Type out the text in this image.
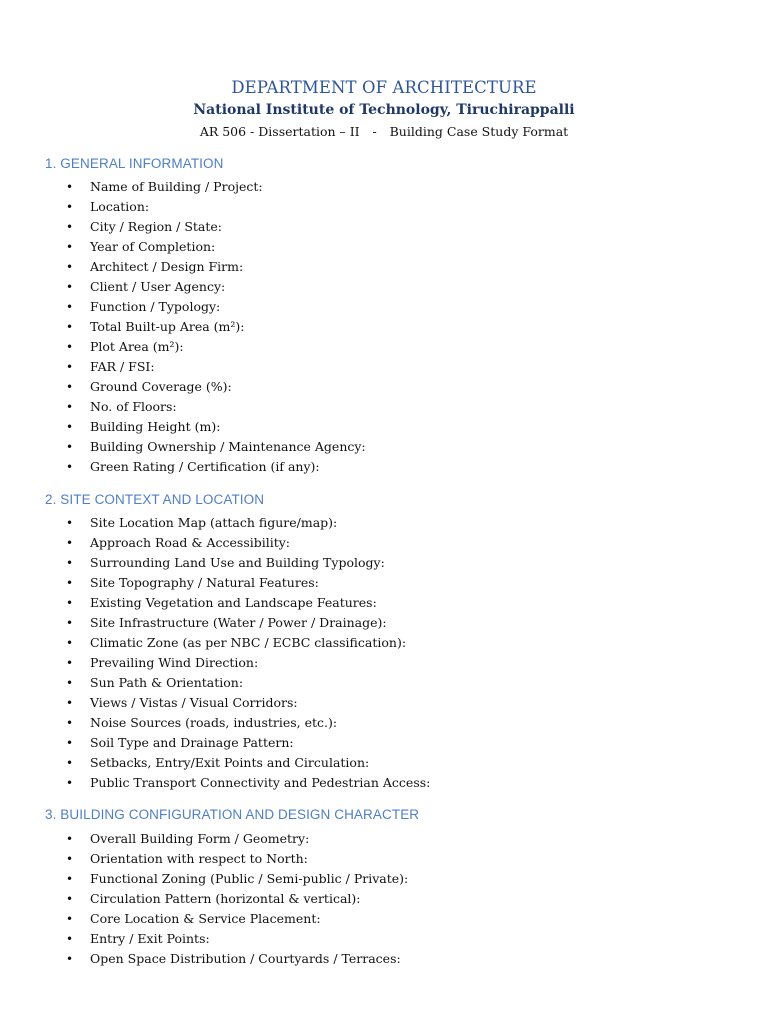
DEPARTMENT OF ARCHITECTURE
National Institute of Technology, Tiruchirappalli
AR 506 - Dissertation – II - Building Case Study Format
1. GENERAL INFORMATION
• Name of Building / Project:
• Location:
• City / Region / State:
• Year of Completion:
• Architect / Design Firm:
• Client / User Agency:
• Function / Typology:
• Total Built-up Area (m²):
• Plot Area (m²):
• FAR / FSI:
• Ground Coverage (%):
• No. of Floors:
• Building Height (m):
• Building Ownership / Maintenance Agency:
• Green Rating / Certification (if any):
2. SITE CONTEXT AND LOCATION
• Site Location Map (attach figure/map):
• Approach Road & Accessibility:
• Surrounding Land Use and Building Typology:
• Site Topography / Natural Features:
• Existing Vegetation and Landscape Features:
• Site Infrastructure (Water / Power / Drainage):
• Climatic Zone (as per NBC / ECBC classification):
• Prevailing Wind Direction:
• Sun Path & Orientation:
• Views / Vistas / Visual Corridors:
• Noise Sources (roads, industries, etc.):
• Soil Type and Drainage Pattern:
• Setbacks, Entry/Exit Points and Circulation:
• Public Transport Connectivity and Pedestrian Access:
3. BUILDING CONFIGURATION AND DESIGN CHARACTER
• Overall Building Form / Geometry:
• Orientation with respect to North:
• Functional Zoning (Public / Semi-public / Private):
• Circulation Pattern (horizontal & vertical):
• Core Location & Service Placement:
• Entry / Exit Points:
• Open Space Distribution / Courtyards / Terraces:
